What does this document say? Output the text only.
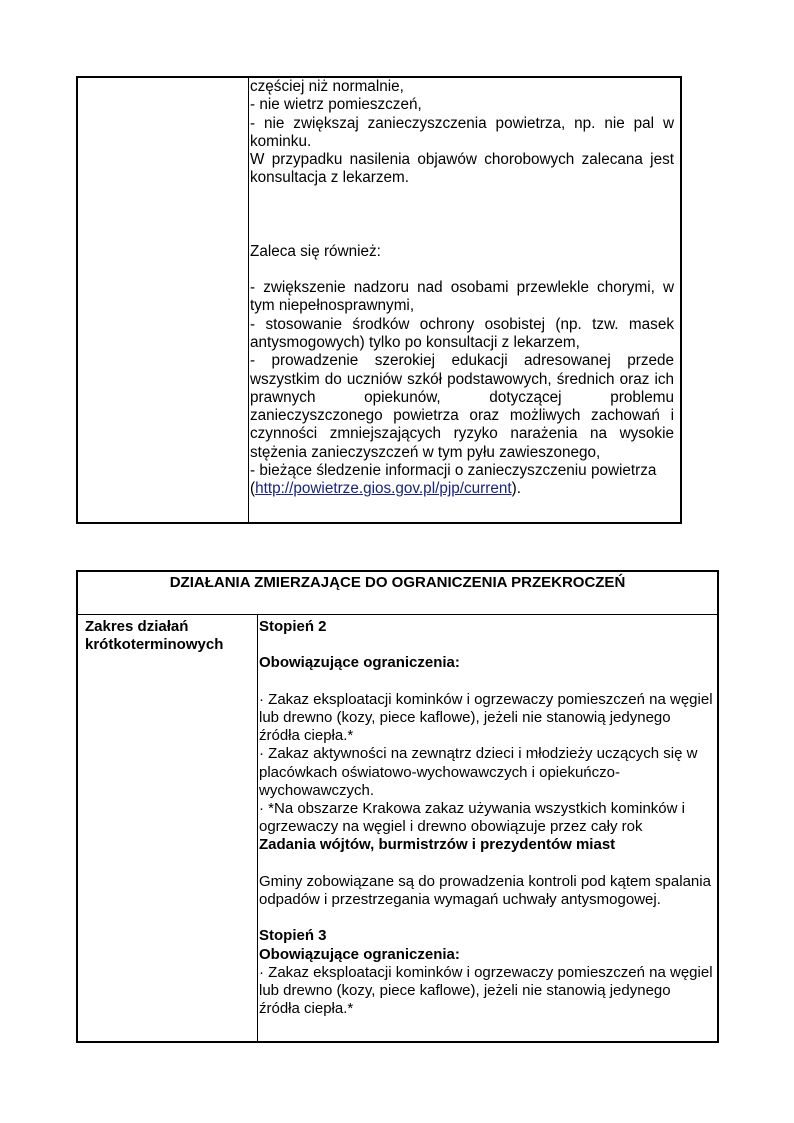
częściej niż normalnie,

- nie wietrz pomieszczeń,

- nie zwiększaj zanieczyszczenia powietrza, np. nie pal w kominku.

W przypadku nasilenia objawów chorobowych zalecana jest konsultacja z lekarzem.

Zaleca się również:

- zwiększenie nadzoru nad osobami przewlekle chorymi, w tym niepełnosprawnymi,

- stosowanie środków ochrony osobistej (np. tzw. masek antysmogowych) tylko po konsultacji z lekarzem,

- prowadzenie szerokiej edukacji adresowanej przede wszystkim do uczniów szkół podstawowych, średnich oraz ich prawnych opiekunów, dotyczącej problemu zanieczyszczonego powietrza oraz możliwych zachowań i czynności zmniejszających ryzyko narażenia na wysokie stężenia zanieczyszczeń w tym pyłu zawieszonego,

- bieżące śledzenie informacji o zanieczyszczeniu powietrza

(http://powietrze.gios.gov.pl/pjp/current).

DZIAŁANIA ZMIERZAJĄCE DO OGRANICZENIA PRZEKROCZEŃ
Zakres działań krótkoterminowych

Stopień 2

Obowiązujące ograniczenia:

· Zakaz eksploatacji kominków i ogrzewaczy pomieszczeń na węgiel lub drewno (kozy, piece kaflowe), jeżeli nie stanowią jedynego źródła ciepła.*

· Zakaz aktywności na zewnątrz dzieci i młodzieży uczących się w placówkach oświatowo-wychowawczych i opiekuńczo-wychowawczych.

· *Na obszarze Krakowa zakaz używania wszystkich kominków i ogrzewaczy na węgiel i drewno obowiązuje przez cały rok

Zadania wójtów, burmistrzów i prezydentów miast

Gminy zobowiązane są do prowadzenia kontroli pod kątem spalania odpadów i przestrzegania wymagań uchwały antysmogowej.

Stopień 3

Obowiązujące ograniczenia:

· Zakaz eksploatacji kominków i ogrzewaczy pomieszczeń na węgiel lub drewno (kozy, piece kaflowe), jeżeli nie stanowią jedynego źródła ciepła.*
